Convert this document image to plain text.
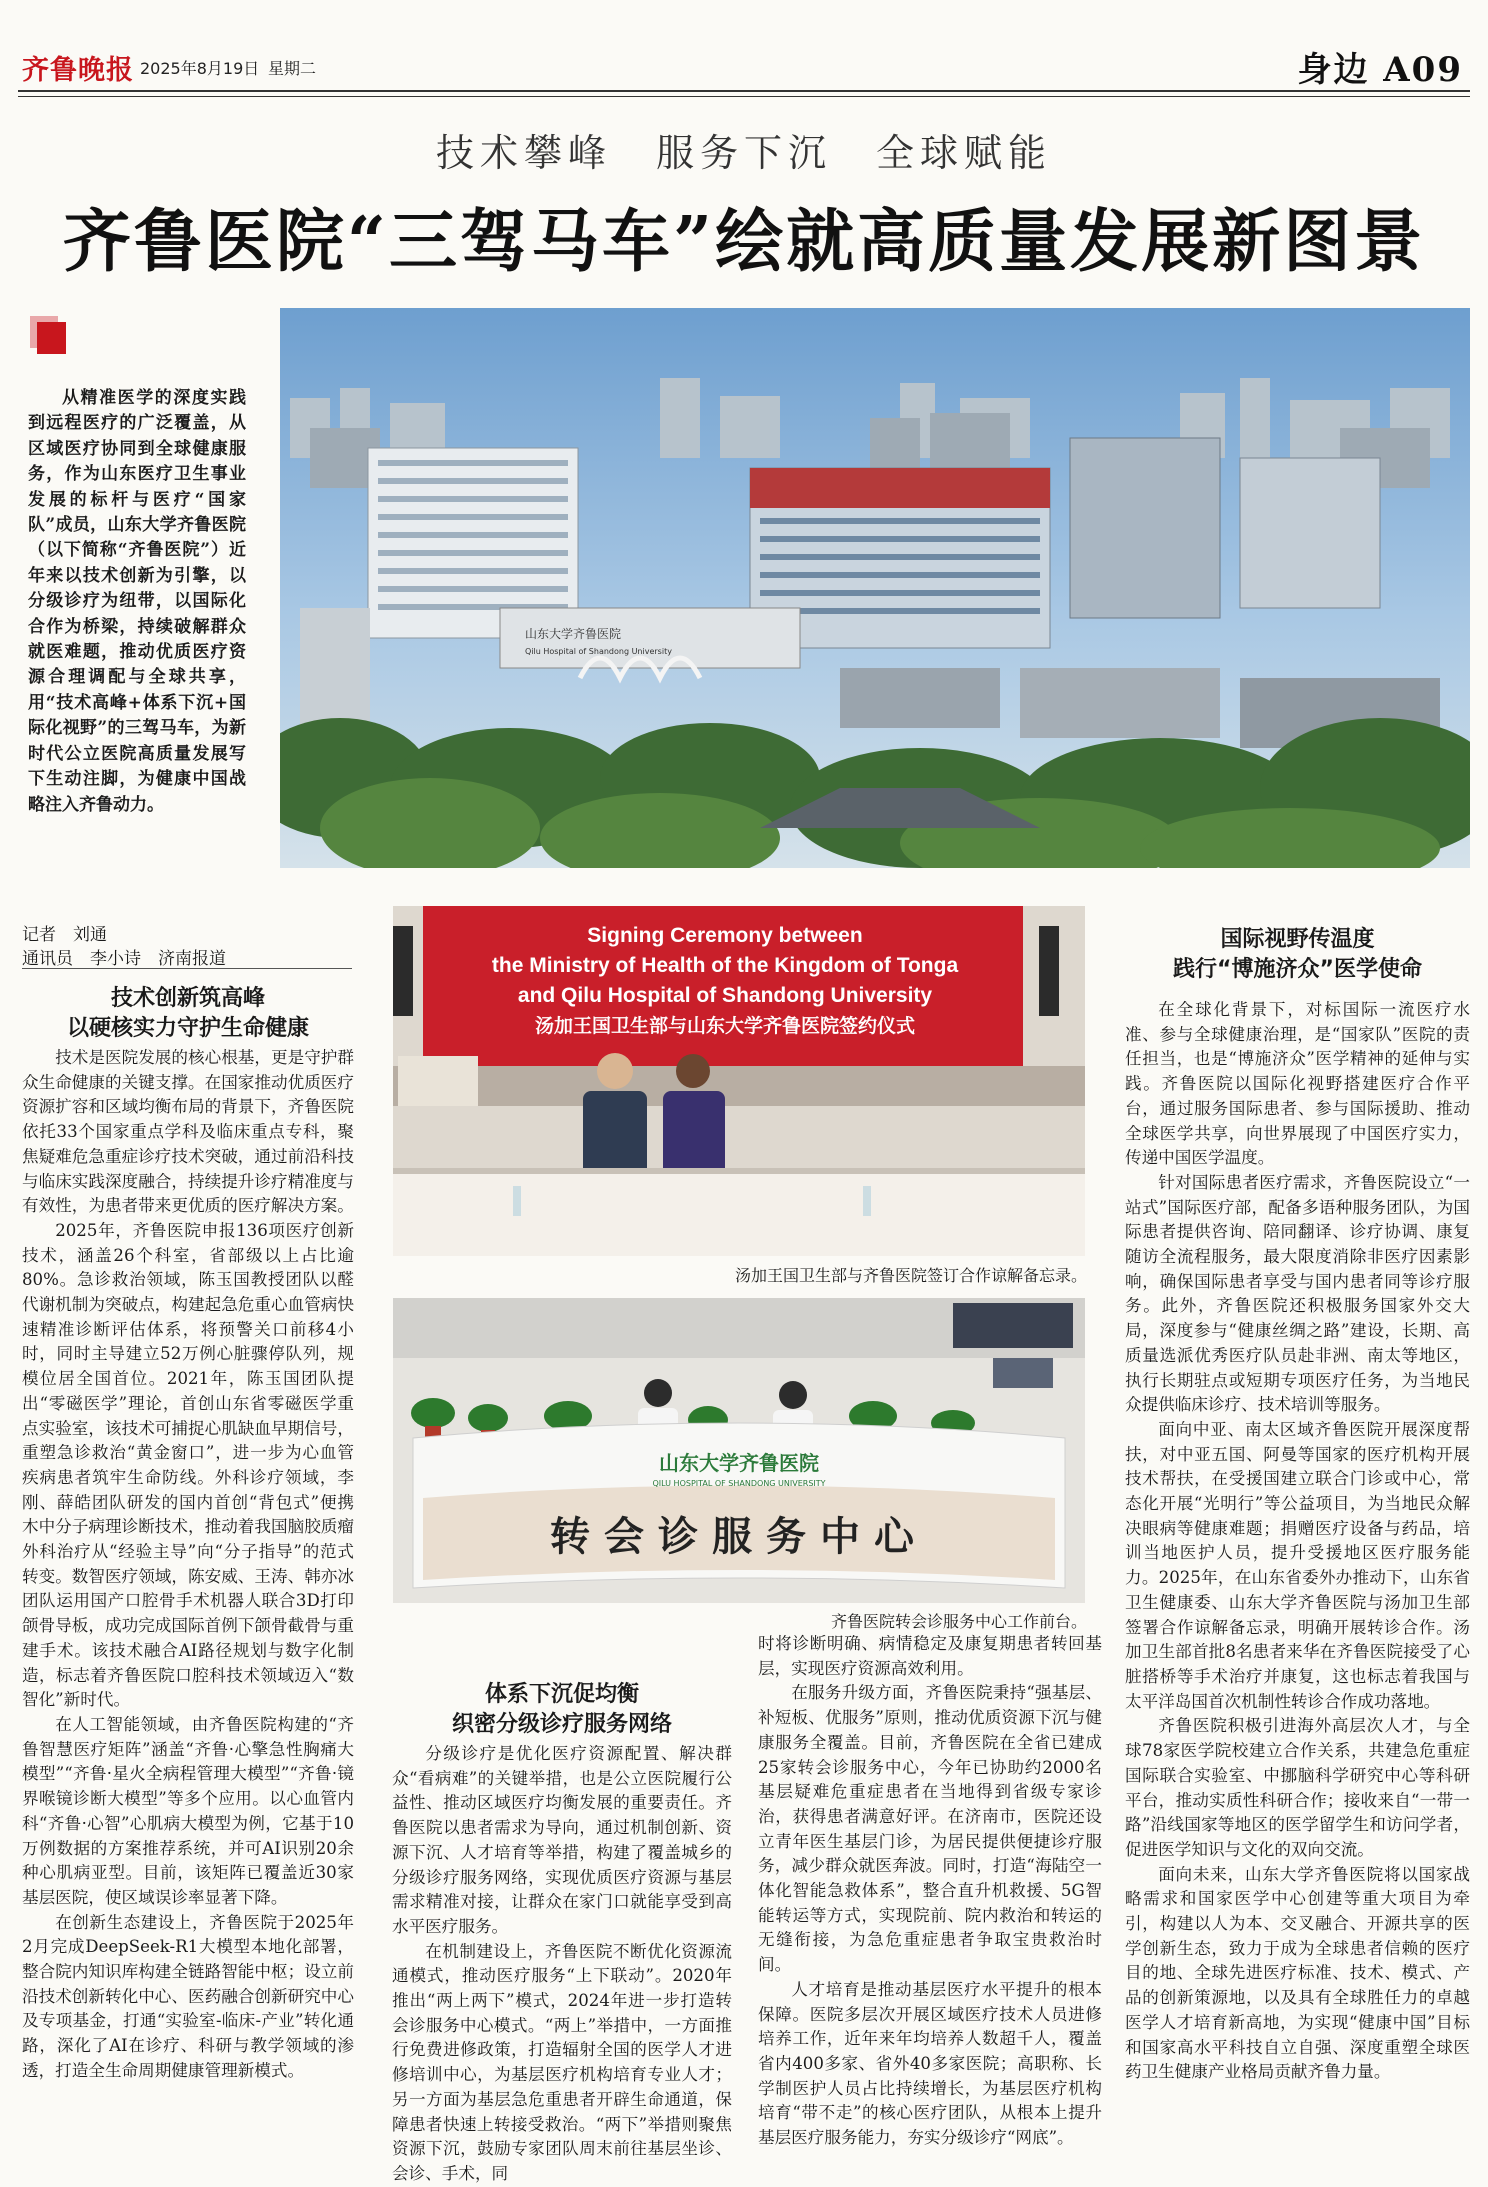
齐鲁晚报 2025年8月19日 星期二	身边 A09
技术攀峰　服务下沉　全球赋能
齐鲁医院“三驾马车”绘就高质量发展新图景

从精准医学的深度实践到远程医疗的广泛覆盖，从区域医疗协同到全球健康服务，作为山东医疗卫生事业发展的标杆与医疗“国家队”成员，山东大学齐鲁医院（以下简称“齐鲁医院”）近年来以技术创新为引擎，以分级诊疗为纽带，以国际化合作为桥梁，持续破解群众就医难题，推动优质医疗资源合理调配与全球共享，用“技术高峰+体系下沉+国际化视野”的三驾马车，为新时代公立医院高质量发展写下生动注脚，为健康中国战略注入齐鲁动力。

山东大学齐鲁医院
Qilu Hospital of Shandong University
记者　刘通
通讯员　李小诗　济南报道
技术创新筑高峰
以硬核实力守护生命健康

技术是医院发展的核心根基，更是守护群众生命健康的关键支撑。在国家推动优质医疗资源扩容和区域均衡布局的背景下，齐鲁医院依托33个国家重点学科及临床重点专科，聚焦疑难危急重症诊疗技术突破，通过前沿科技与临床实践深度融合，持续提升诊疗精准度与有效性，为患者带来更优质的医疗解决方案。

2025年，齐鲁医院申报136项医疗创新技术，涵盖26个科室，省部级以上占比逾80%。急诊救治领域，陈玉国教授团队以醛代谢机制为突破点，构建起急危重心血管病快速精准诊断评估体系，将预警关口前移4小时，同时主导建立52万例心脏骤停队列，规模位居全国首位。2021年，陈玉国团队提出“零磁医学”理论，首创山东省零磁医学重点实验室，该技术可捕捉心肌缺血早期信号，重塑急诊救治“黄金窗口”，进一步为心血管疾病患者筑牢生命防线。外科诊疗领域，李刚、薛皓团队研发的国内首创“背包式”便携木中分子病理诊断技术，推动着我国脑胶质瘤外科治疗从“经验主导”向“分子指导”的范式转变。数智医疗领域，陈安威、王涛、韩亦冰团队运用国产口腔骨手术机器人联合3D打印颌骨导板，成功完成国际首例下颌骨截骨与重建手术。该技术融合AI路径规划与数字化制造，标志着齐鲁医院口腔科技术领域迈入“数智化”新时代。

在人工智能领域，由齐鲁医院构建的“齐鲁智慧医疗矩阵”涵盖“齐鲁·心擎急性胸痛大模型”“齐鲁·星火全病程管理大模型”“齐鲁·镜界喉镜诊断大模型”等多个应用。以心血管内科“齐鲁·心智”心肌病大模型为例，它基于10万例数据的方案推荐系统，并可AI识别20余种心肌病亚型。目前，该矩阵已覆盖近30家基层医院，使区域误诊率显著下降。

在创新生态建设上，齐鲁医院于2025年2月完成DeepSeek-R1大模型本地化部署，整合院内知识库构建全链路智能中枢；设立前沿技术创新转化中心、医药融合创新研究中心及专项基金，打通“实验室-临床-产业”转化通路，深化了AI在诊疗、科研与教学领域的渗透，打造全生命周期健康管理新模式。

Signing Ceremony between
the Ministry of Health of the Kingdom of Tonga
and Qilu Hospital of Shandong University
汤加王国卫生部与山东大学齐鲁医院签约仪式
汤加王国卫生部与齐鲁医院签订合作谅解备忘录。
山东大学齐鲁医院
QILU HOSPITAL OF SHANDONG UNIVERSITY
转会诊服务中心
齐鲁医院转会诊服务中心工作前台。
体系下沉促均衡
织密分级诊疗服务网络

分级诊疗是优化医疗资源配置、解决群众“看病难”的关键举措，也是公立医院履行公益性、推动区域医疗均衡发展的重要责任。齐鲁医院以患者需求为导向，通过机制创新、资源下沉、人才培育等举措，构建了覆盖城乡的分级诊疗服务网络，实现优质医疗资源与基层需求精准对接，让群众在家门口就能享受到高水平医疗服务。

在机制建设上，齐鲁医院不断优化资源流通模式，推动医疗服务“上下联动”。2020年推出“两上两下”模式，2024年进一步打造转会诊服务中心模式。“两上”举措中，一方面推行免费进修政策，打造辐射全国的医学人才进修培训中心，为基层医疗机构培育专业人才；另一方面为基层急危重患者开辟生命通道，保障患者快速上转接受救治。“两下”举措则聚焦资源下沉，鼓励专家团队周末前往基层坐诊、会诊、手术，同

时将诊断明确、病情稳定及康复期患者转回基层，实现医疗资源高效利用。

在服务升级方面，齐鲁医院秉持“强基层、补短板、优服务”原则，推动优质资源下沉与健康服务全覆盖。目前，齐鲁医院在全省已建成25家转会诊服务中心，今年已协助约2000名基层疑难危重症患者在当地得到省级专家诊治，获得患者满意好评。在济南市，医院还设立青年医生基层门诊，为居民提供便捷诊疗服务，减少群众就医奔波。同时，打造“海陆空一体化智能急救体系”，整合直升机救援、5G智能转运等方式，实现院前、院内救治和转运的无缝衔接，为急危重症患者争取宝贵救治时间。

人才培育是推动基层医疗水平提升的根本保障。医院多层次开展区域医疗技术人员进修培养工作，近年来年均培养人数超千人，覆盖省内400多家、省外40多家医院；高职称、长学制医护人员占比持续增长，为基层医疗机构培育“带不走”的核心医疗团队，从根本上提升基层医疗服务能力，夯实分级诊疗“网底”。

国际视野传温度
践行“博施济众”医学使命

在全球化背景下，对标国际一流医疗水准、参与全球健康治理，是“国家队”医院的责任担当，也是“博施济众”医学精神的延伸与实践。齐鲁医院以国际化视野搭建医疗合作平台，通过服务国际患者、参与国际援助、推动全球医学共享，向世界展现了中国医疗实力，传递中国医学温度。

针对国际患者医疗需求，齐鲁医院设立“一站式”国际医疗部，配备多语种服务团队，为国际患者提供咨询、陪同翻译、诊疗协调、康复随访全流程服务，最大限度消除非医疗因素影响，确保国际患者享受与国内患者同等诊疗服务。此外，齐鲁医院还积极服务国家外交大局，深度参与“健康丝绸之路”建设，长期、高质量选派优秀医疗队员赴非洲、南太等地区，执行长期驻点或短期专项医疗任务，为当地民众提供临床诊疗、技术培训等服务。

面向中亚、南太区域齐鲁医院开展深度帮扶，对中亚五国、阿曼等国家的医疗机构开展技术帮扶，在受援国建立联合门诊或中心，常态化开展“光明行”等公益项目，为当地民众解决眼病等健康难题；捐赠医疗设备与药品，培训当地医护人员，提升受援地区医疗服务能力。2025年，在山东省委外办推动下，山东省卫生健康委、山东大学齐鲁医院与汤加卫生部签署合作谅解备忘录，明确开展转诊合作。汤加卫生部首批8名患者来华在齐鲁医院接受了心脏搭桥等手术治疗并康复，这也标志着我国与太平洋岛国首次机制性转诊合作成功落地。

齐鲁医院积极引进海外高层次人才，与全球78家医学院校建立合作关系，共建急危重症国际联合实验室、中挪脑科学研究中心等科研平台，推动实质性科研合作；接收来自“一带一路”沿线国家等地区的医学留学生和访问学者，促进医学知识与文化的双向交流。

面向未来，山东大学齐鲁医院将以国家战略需求和国家医学中心创建等重大项目为牵引，构建以人为本、交叉融合、开源共享的医学创新生态，致力于成为全球患者信赖的医疗目的地、全球先进医疗标准、技术、模式、产品的创新策源地，以及具有全球胜任力的卓越医学人才培育新高地，为实现“健康中国”目标和国家高水平科技自立自强、深度重塑全球医药卫生健康产业格局贡献齐鲁力量。
